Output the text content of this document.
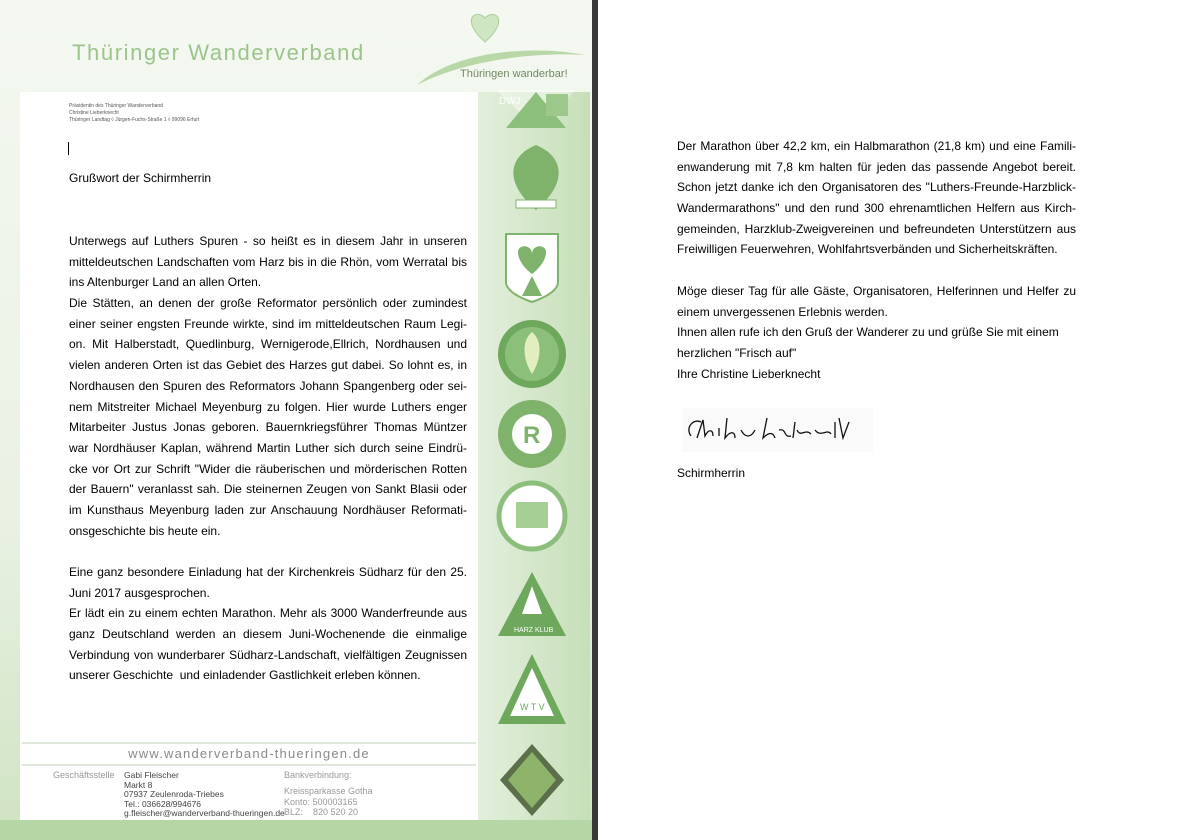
Thüringer Wanderverband
Thüringen wanderbar!
Präsidentin des Thüringer Wanderverband
Christine Lieberknecht
Thüringer Landtag ◊ Jürgen-Fuchs-Straße 1 ◊ 99096 Erfurt
Grußwort der Schirmherrin
Unterwegs auf Luthers Spuren - so heißt es in diesem Jahr in unseren
mitteldeutschen Landschaften vom Harz bis in die Rhön, vom Werratal bis
ins Altenburger Land an allen Orten.
Die Stätten, an denen der große Reformator persönlich oder zumindest
einer seiner engsten Freunde wirkte, sind im mitteldeutschen Raum Legi-
on. Mit Halberstadt, Quedlinburg, Wernigerode,Ellrich, Nordhausen und
vielen anderen Orten ist das Gebiet des Harzes gut dabei. So lohnt es, in
Nordhausen den Spuren des Reformators Johann Spangenberg oder sei-
nem Mitstreiter Michael Meyenburg zu folgen. Hier wurde Luthers enger
Mitarbeiter Justus Jonas geboren. Bauernkriegsführer Thomas Müntzer
war Nordhäuser Kaplan, während Martin Luther sich durch seine Eindrü-
cke vor Ort zur Schrift "Wider die räuberischen und mörderischen Rotten
der Bauern" veranlasst sah. Die steinernen Zeugen von Sankt Blasii oder
im Kunsthaus Meyenburg laden zur Anschauung Nordhäuser Reformati-
onsgeschichte bis heute ein.
Eine ganz besondere Einladung hat der Kirchenkreis Südharz für den 25.
Juni 2017 ausgesprochen.
Er lädt ein zu einem echten Marathon. Mehr als 3000 Wanderfreunde aus
ganz Deutschland werden an diesem Juni-Wochenende die einmalige
Verbindung von wunderbarer Südharz-Landschaft, vielfältigen Zeugnissen
unserer Geschichte  und einladender Gastlichkeit erleben können.
DWJ
R
HARZ KLUB
W T V
www.wanderverband-thueringen.de
Geschäftsstelle Gabi Fleischer
Markt 8
07937 Zeulenroda-Triebes
Tel.: 036628/994676
g.fleischer@wanderverband-thueringen.de
Bankverbindung:
Kreissparkasse Gotha
Konto: 500003165
BLZ:    820 520 20
Der Marathon über 42,2 km, ein Halbmarathon (21,8 km) und eine Famili-
enwanderung mit 7,8 km halten für jeden das passende Angebot bereit.
Schon jetzt danke ich den Organisatoren des "Luthers-Freunde-Harzblick-
Wandermarathons" und den rund 300 ehrenamtlichen Helfern aus Kirch-
gemeinden, Harzklub-Zweigvereinen und befreundeten Unterstützern aus
Freiwilligen Feuerwehren, Wohlfahrtsverbänden und Sicherheitskräften.
Möge dieser Tag für alle Gäste, Organisatoren, Helferinnen und Helfer zu
einem unvergessenen Erlebnis werden.
Ihnen allen rufe ich den Gruß der Wanderer zu und grüße Sie mit einem
herzlichen "Frisch auf"
Ihre Christine Lieberknecht
Schirmherrin
